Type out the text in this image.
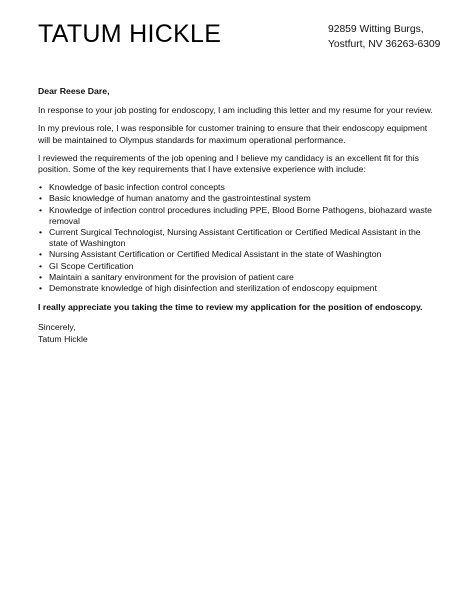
TATUM HICKLE	92859 Witting Burgs,
Yostfurt, NV 36263-6309

Dear Reese Dare,

In response to your job posting for endoscopy, I am including this letter and my resume for your review.

In my previous role, I was responsible for customer training to ensure that their endoscopy equipment will be maintained to Olympus standards for maximum operational performance.

I reviewed the requirements of the job opening and I believe my candidacy is an excellent fit for this position. Some of the key requirements that I have extensive experience with include:

• Knowledge of basic infection control concepts
• Basic knowledge of human anatomy and the gastrointestinal system
• Knowledge of infection control procedures including PPE, Blood Borne Pathogens, biohazard waste removal
• Current Surgical Technologist, Nursing Assistant Certification or Certified Medical Assistant in the state of Washington
• Nursing Assistant Certification or Certified Medical Assistant in the state of Washington
• GI Scope Certification
• Maintain a sanitary environment for the provision of patient care
• Demonstrate knowledge of high disinfection and sterilization of endoscopy equipment

I really appreciate you taking the time to review my application for the position of endoscopy.

Sincerely,

Tatum Hickle
